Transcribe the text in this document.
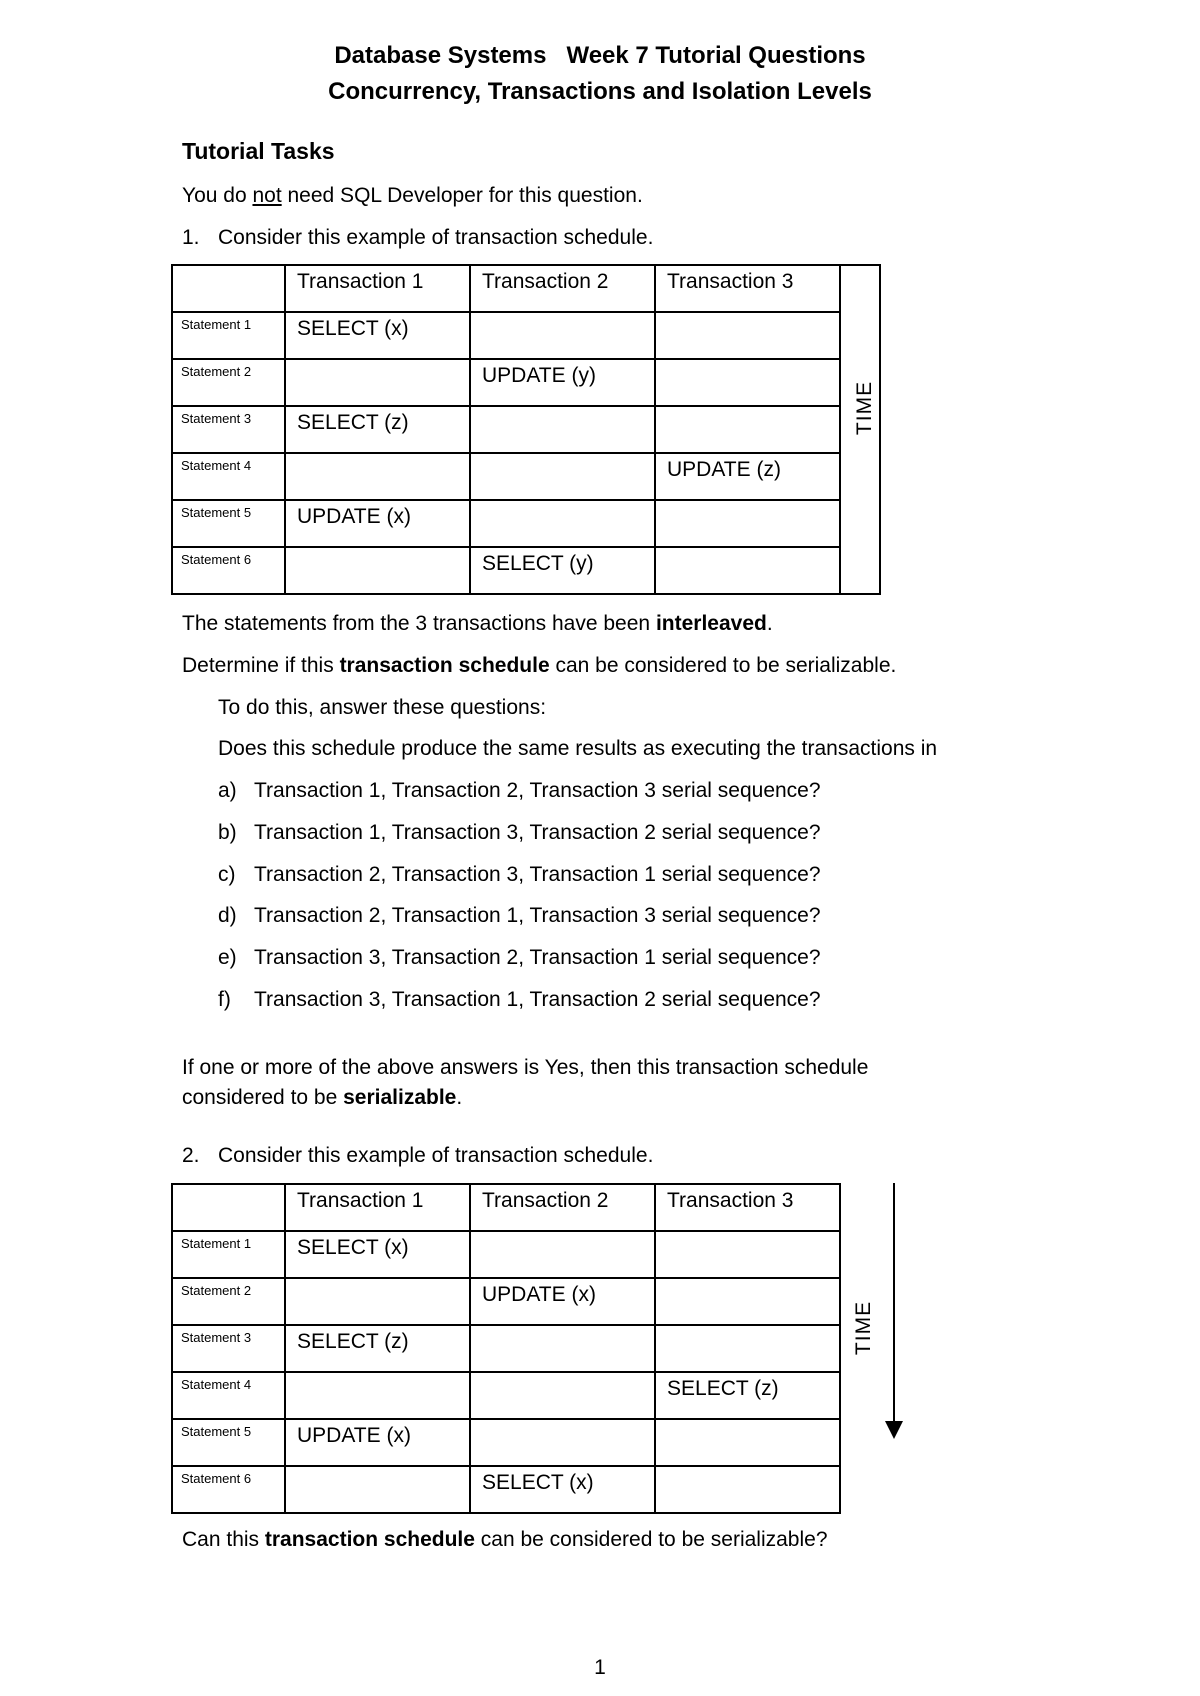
Database Systems   Week 7 Tutorial Questions
Concurrency, Transactions and Isolation Levels
Tutorial Tasks
You do not need SQL Developer for this question.
1. Consider this example of transaction schedule.
	Transaction 1	Transaction 2	Transaction 3	TIME

Statement 1	SELECT (x)			
Statement 2		UPDATE (y)		
Statement 3	SELECT (z)			
Statement 4			UPDATE (z)	
Statement 5	UPDATE (x)			
Statement 6		SELECT (y)		
The statements from the 3 transactions have been interleaved.
Determine if this transaction schedule can be considered to be serializable.
To do this, answer these questions:
Does this schedule produce the same results as executing the transactions in
a) Transaction 1, Transaction 2, Transaction 3 serial sequence?
b) Transaction 1, Transaction 3, Transaction 2 serial sequence?
c) Transaction 2, Transaction 3, Transaction 1 serial sequence?
d) Transaction 2, Transaction 1, Transaction 3 serial sequence?
e) Transaction 3, Transaction 2, Transaction 1 serial sequence?
f) Transaction 3, Transaction 1, Transaction 2 serial sequence?
If one or more of the above answers is Yes, then this transaction schedule
considered to be serializable.
2. Consider this example of transaction schedule.
	Transaction 1	Transaction 2	Transaction 3
Statement 1	SELECT (x)		
Statement 2		UPDATE (x)	
Statement 3	SELECT (z)		
Statement 4			SELECT (z)
Statement 5	UPDATE (x)		
Statement 6		SELECT (x)	
TIME
Can this transaction schedule can be considered to be serializable?
1
